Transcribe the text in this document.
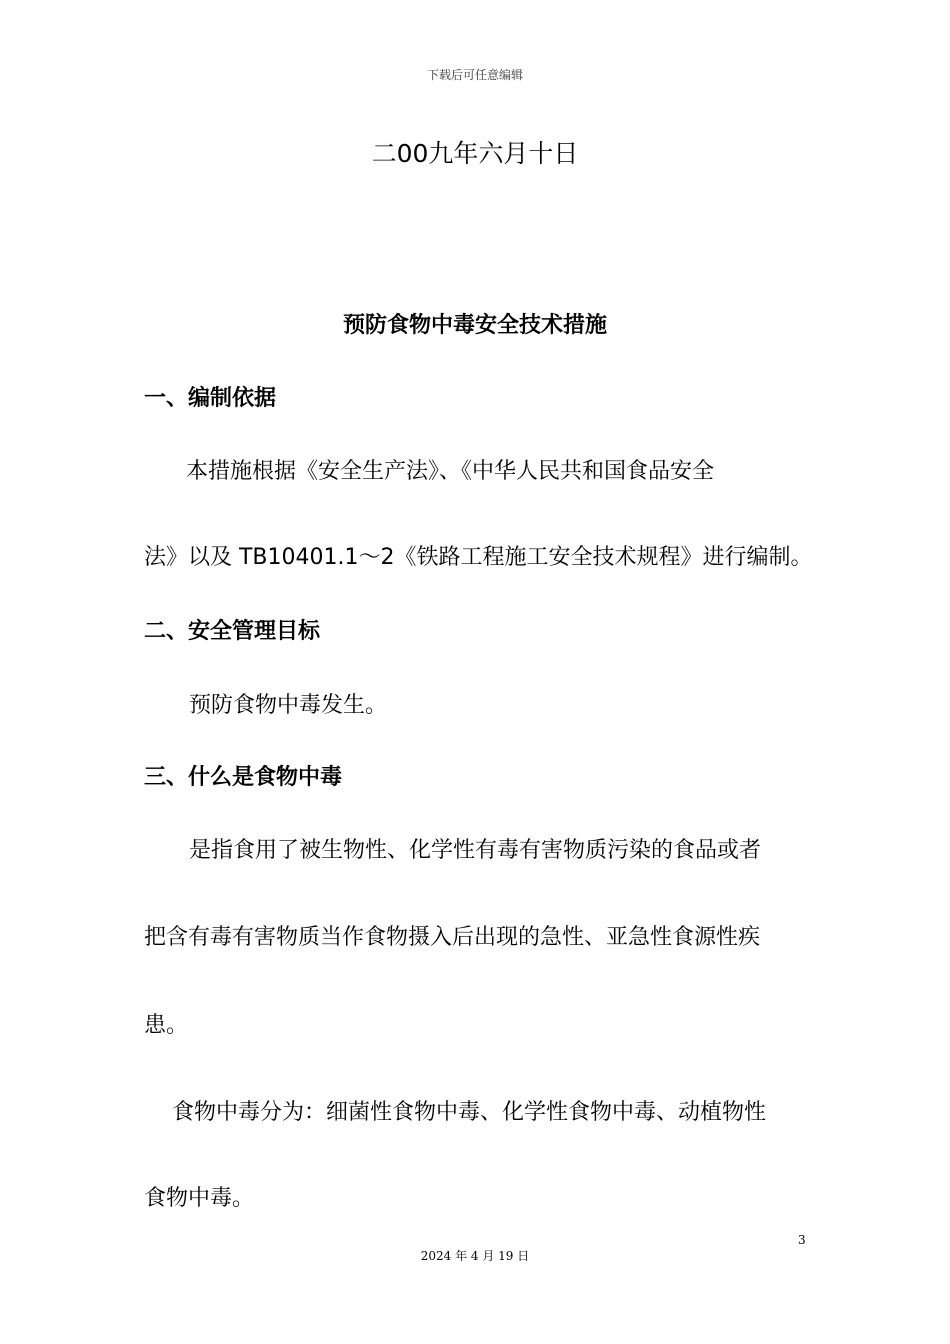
下载后可任意编辑
二00九年六月十日
预防食物中毒安全技术措施
一、编制依据
本措施根据《安全生产法》、《中华人民共和国食品安全
法》以及 TB10401.1～2《铁路工程施工安全技术规程》进行编制。
二、安全管理目标
预防食物中毒发生。
三、什么是食物中毒
是指食用了被生物性、化学性有毒有害物质污染的食品或者
把含有毒有害物质当作食物摄入后出现的急性、亚急性食源性疾
患。
食物中毒分为：细菌性食物中毒、化学性食物中毒、动植物性
食物中毒。
3
2024 年 4 月 19 日
